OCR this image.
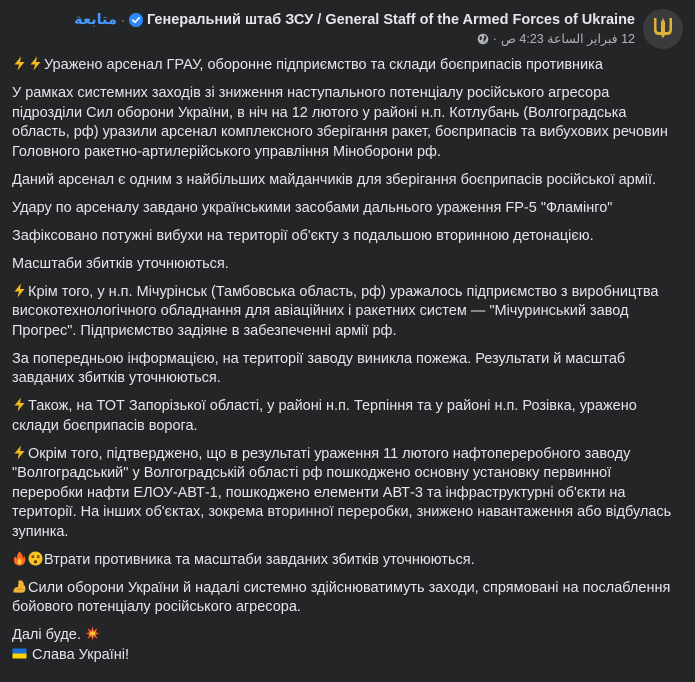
Генеральний штаб ЗСУ / General Staff of the Armed Forces of Ukraine
·
متابعة
12 فبراير الساعة 4:23 ص
·

Уражено арсенал ГРАУ, оборонне підприємство та склади боєприпасів противника

У рамках системних заходів зі зниження наступального потенціалу російського агресора підрозділи Сил оборони України, в ніч на 12 лютого у районі н.п. Котлубань (Волгоградська область, рф) уразили арсенал комплексного зберігання ракет, боєприпасів та вибухових речовин Головного ракетно-артилерійського управління Міноборони рф.

Даний арсенал є одним з найбільших майданчиків для зберігання боєприпасів російської армії.

Удару по арсеналу завдано українськими засобами дальнього ураження FP-5 "Фламінго"

Зафіксовано потужні вибухи на території об'єкту з подальшою вторинною детонацією.

Масштаби збитків уточнюються.

Крім того, у н.п. Мічурінськ (Тамбовська область, рф) уражалось підприємство з виробництва високотехнологічного обладнання для авіаційних і ракетних систем — "Мічуринський завод Прогрес". Підприємство задіяне в забезпеченні армії рф.

За попередньою інформацією, на території заводу виникла пожежа. Результати й масштаб завданих збитків уточнюються.

Також, на ТОТ Запорізької області, у районі н.п. Терпіння та у районі н.п. Розівка, уражено склади боєприпасів ворога.

Окрім того, підтверджено, що в результаті ураження 11 лютого нафтопереробного заводу "Волгоградський" у Волгоградській області рф пошкоджено основну установку первинної переробки нафти ЕЛОУ-АВТ-1, пошкоджено елементи АВТ-3 та інфраструктурні об'єкти на території. На інших об'єктах, зокрема вторинної переробки, знижено навантаження або відбулась зупинка.

Втрати противника та масштаби завданих збитків уточнюються.

Сили оборони України й надалі системно здійснюватимуть заходи, спрямовані на послаблення бойового потенціалу російського агресора.

Далі буде.
Слава Україні!
